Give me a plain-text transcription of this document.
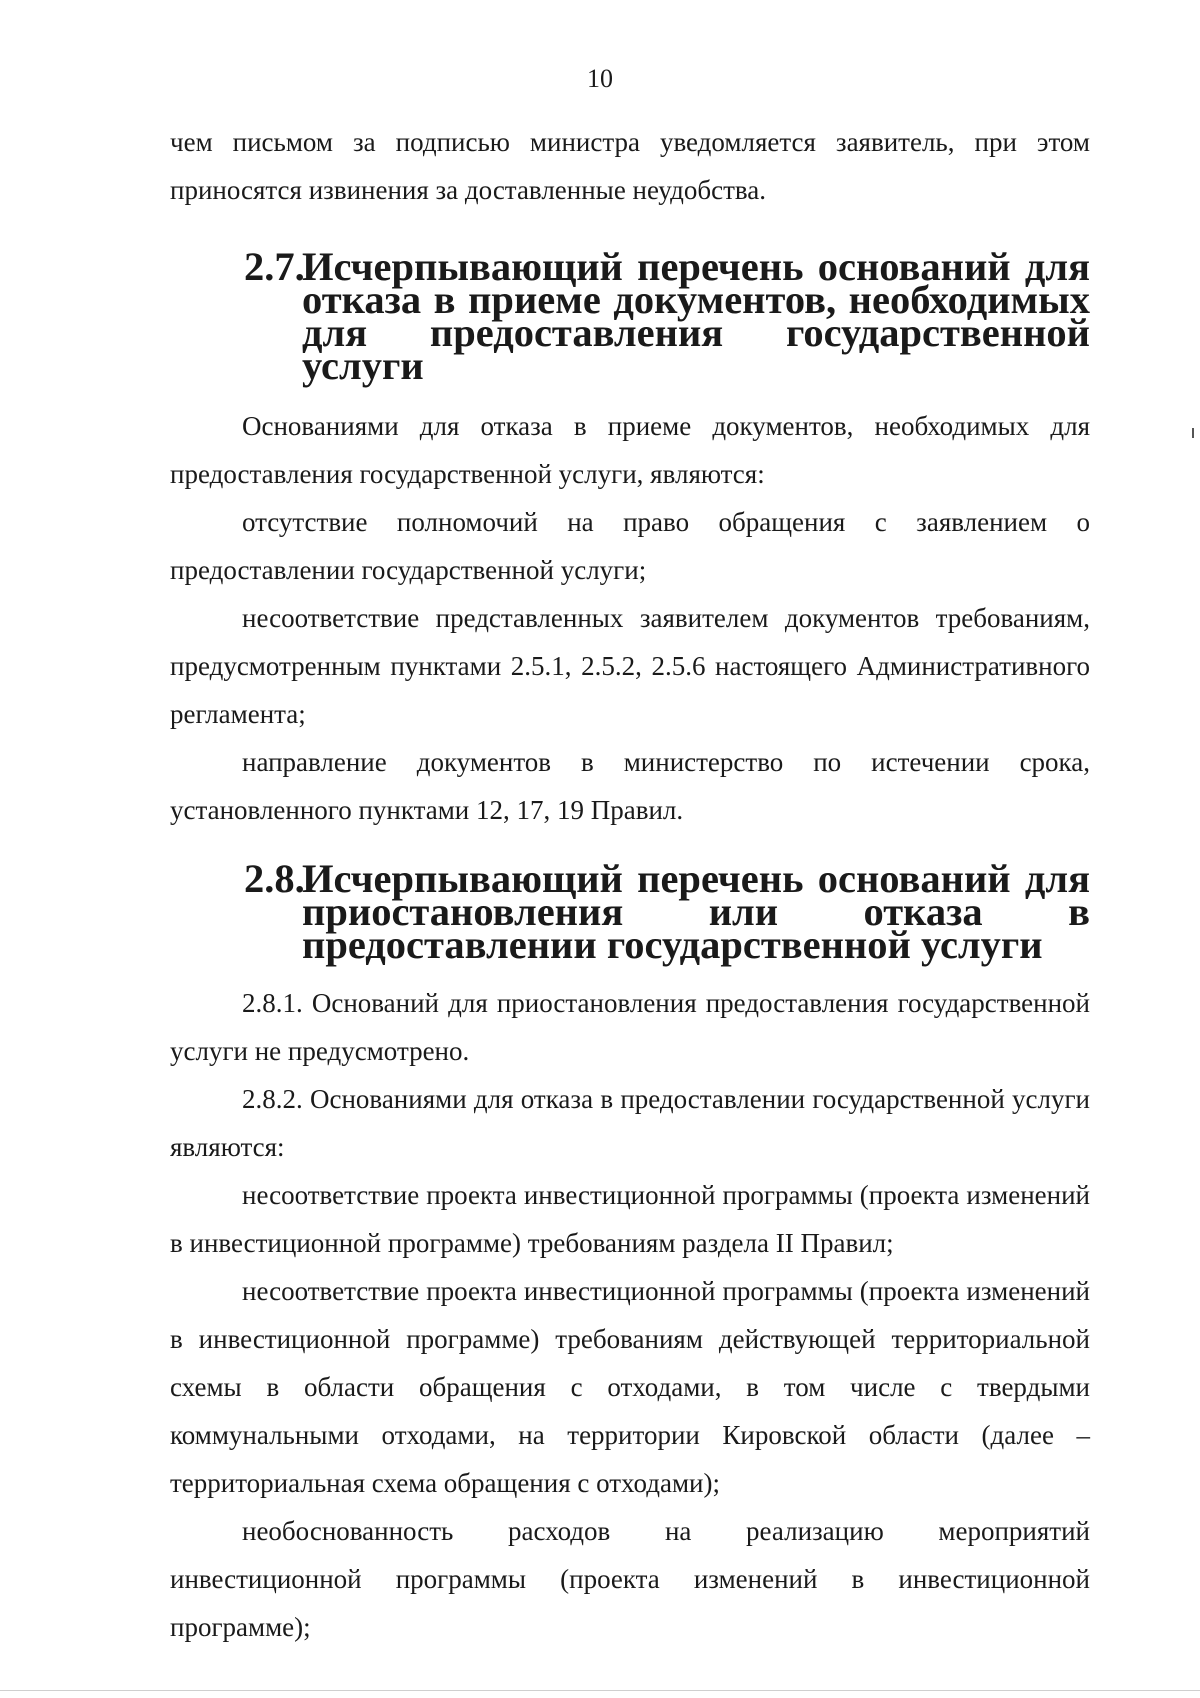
10

чем письмом за подписью министра уведомляется заявитель, при этом приносятся извинения за доставленные неудобства.

2.7.Исчерпывающий перечень оснований для отказа в приеме документов, необходимых для предоставления государственной услуги

Основаниями для отказа в приеме документов, необходимых для предоставления государственной услуги, являются:

отсутствие полномочий на право обращения с заявлением о предоставлении государственной услуги;

несоответствие представленных заявителем документов требованиям, предусмотренным пунктами 2.5.1, 2.5.2, 2.5.6 настоящего Административного регламента;

направление документов в министерство по истечении срока, установленного пунктами 12, 17, 19 Правил.

2.8.Исчерпывающий перечень оснований для приостановления или отказа в предоставлении государственной услуги

2.8.1. Оснований для приостановления предоставления государственной услуги не предусмотрено.

2.8.2. Основаниями для отказа в предоставлении государственной услуги являются:

несоответствие проекта инвестиционной программы (проекта изменений в инвестиционной программе) требованиям раздела II Правил;

несоответствие проекта инвестиционной программы (проекта изменений в инвестиционной программе) требованиям действующей территориальной схемы в области обращения с отходами, в том числе с твердыми коммунальными отходами, на территории Кировской области (далее – территориальная схема обращения с отходами);

необоснованность расходов на реализацию мероприятий инвестиционной программы (проекта изменений в инвестиционной программе);
